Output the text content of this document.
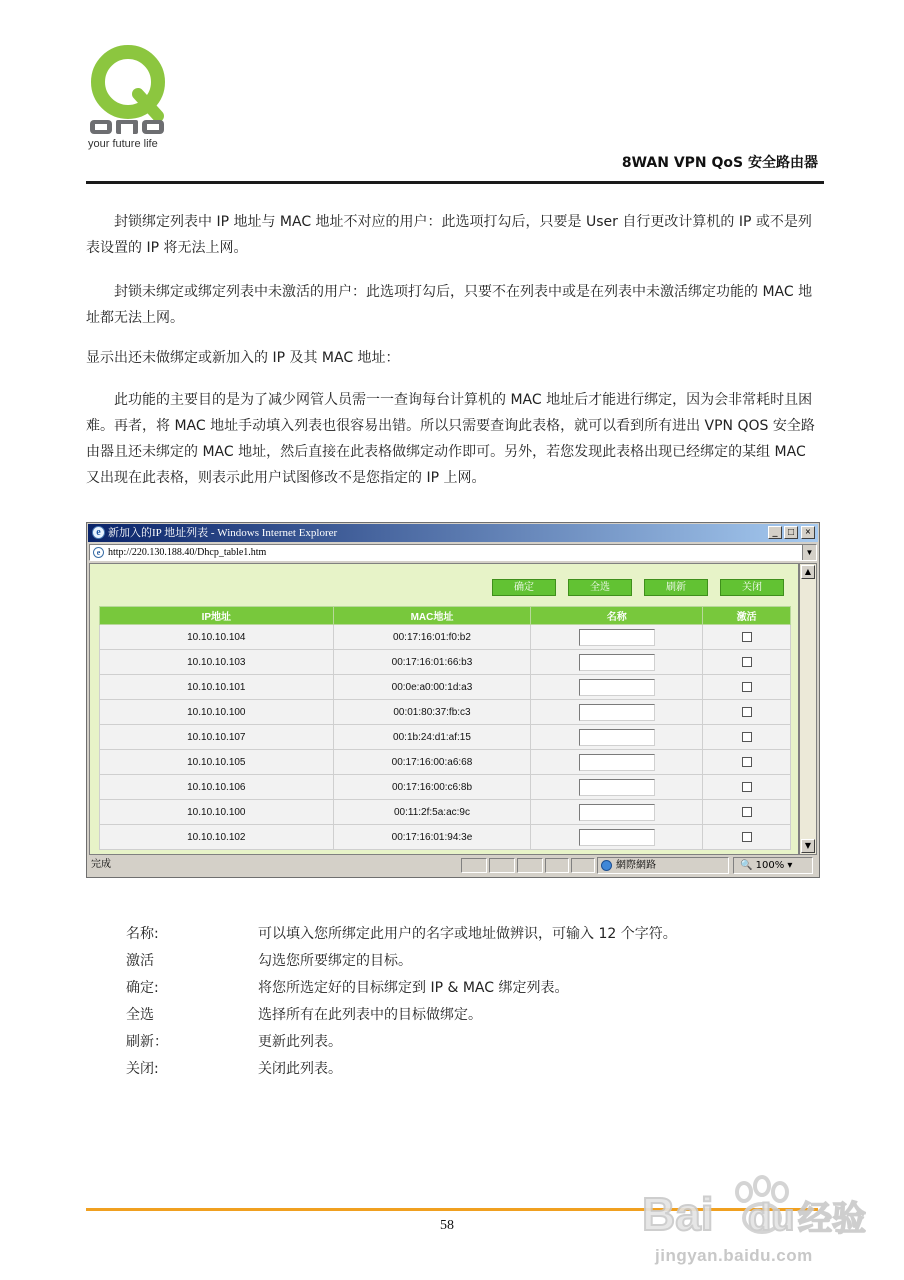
your future life
8WAN VPN QoS 安全路由器

封锁绑定列表中 IP 地址与 MAC 地址不对应的用户：此选项打勾后，只要是 User 自行更改计算机的 IP 或不是列表设置的 IP 将无法上网。

封锁未绑定或绑定列表中未激活的用户：此选项打勾后，只要不在列表中或是在列表中未激活绑定功能的 MAC 地址都无法上网。

显示出还未做绑定或新加入的 IP 及其 MAC 地址：

此功能的主要目的是为了减少网管人员需一一查询每台计算机的 MAC 地址后才能进行绑定，因为会非常耗时且困难。再者，将 MAC 地址手动填入列表也很容易出错。所以只需要查询此表格，就可以看到所有进出 VPN QOS 安全路由器且还未绑定的 MAC 地址，然后直接在此表格做绑定动作即可。另外，若您发现此表格出现已经绑定的某组 MAC 又出现在此表格，则表示此用户试图修改不是您指定的 IP 上网。

e 新加入的IP 地址列表 - Windows Internet Explorer	_	□	×
e http://220.130.188.40/Dhcp_table1.htm	▼
确定	全选	刷新	关闭
IP地址	MAC地址	名称	激活
10.10.10.104	00:17:16:01:f0:b2		
10.10.10.103	00:17:16:01:66:b3		
10.10.10.101	00:0e:a0:00:1d:a3		
10.10.10.100	00:01:80:37:fb:c3		
10.10.10.107	00:1b:24:d1:af:15		
10.10.10.105	00:17:16:00:a6:68		
10.10.10.106	00:17:16:00:c6:8b		
10.10.10.100	00:11:2f:5a:ac:9c		
10.10.10.102	00:17:16:01:94:3e		
▲
▼
完成	網際網路	🔍 100% ▾
名称:	可以填入您所绑定此用户的名字或地址做辨识，可输入 12 个字符。
激活	勾选您所要绑定的目标。
确定:	将您所选定好的目标绑定到 IP & MAC 绑定列表。
全选	选择所有在此列表中的目标做绑定。
刷新：	更新此列表。
关闭:	关闭此列表。
58	Bai du 经验
jingyan.baidu.com
